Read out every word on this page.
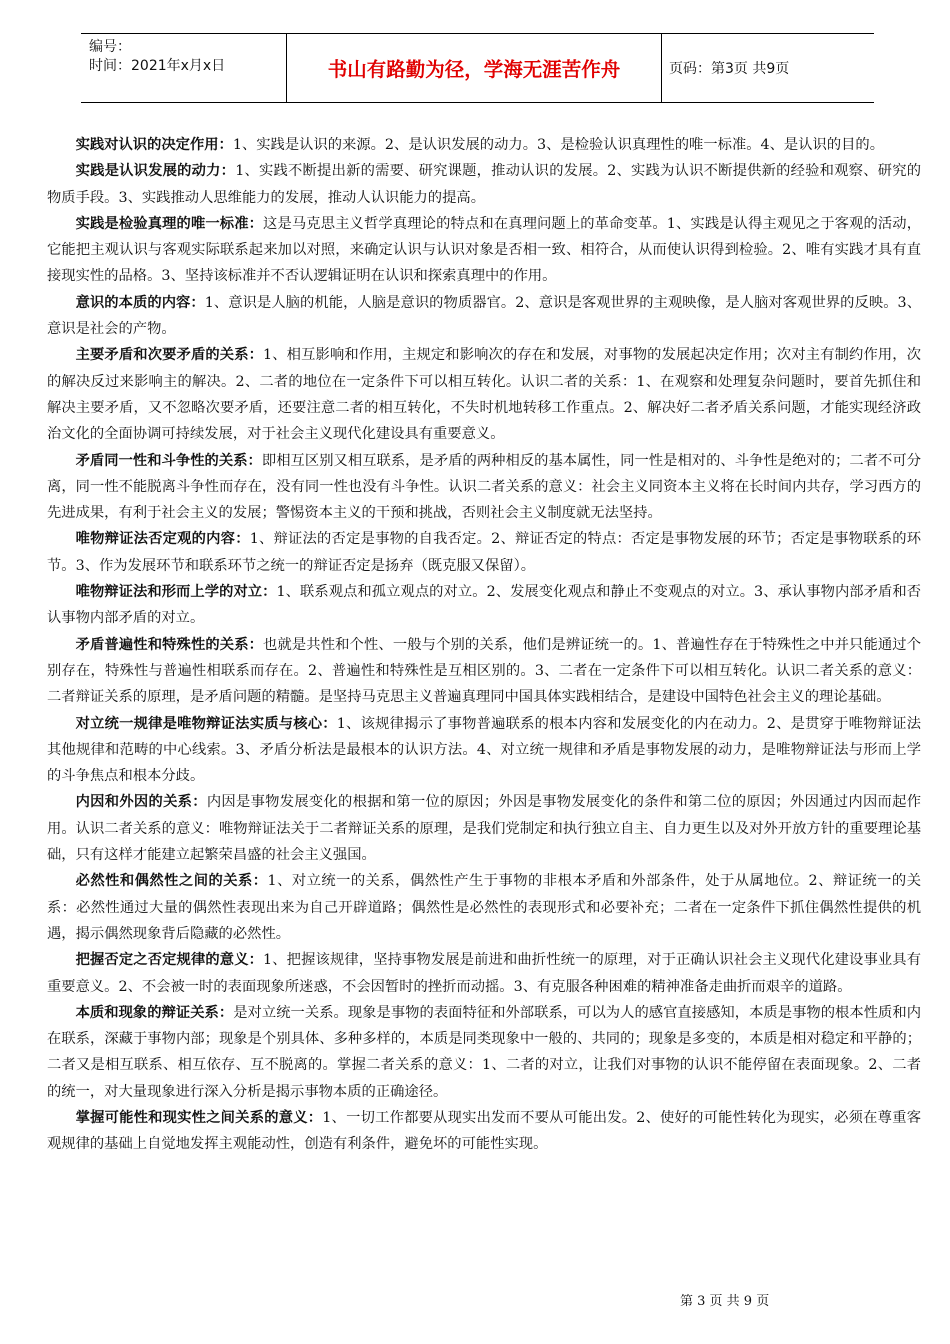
编号：
时间：2021年x月x日	书山有路勤为径，学海无涯苦作舟	页码：第3页 共9页

实践对认识的决定作用：1、实践是认识的来源。2、是认识发展的动力。3、是检验认识真理性的唯一标准。4、是认识的目的。

实践是认识发展的动力：1、实践不断提出新的需要、研究课题，推动认识的发展。2、实践为认识不断提供新的经验和观察、研究的物质手段。3、实践推动人思维能力的发展，推动人认识能力的提高。

实践是检验真理的唯一标准：这是马克思主义哲学真理论的特点和在真理问题上的革命变革。1、实践是认得主观见之于客观的活动，它能把主观认识与客观实际联系起来加以对照，来确定认识与认识对象是否相一致、相符合，从而使认识得到检验。2、唯有实践才具有直接现实性的品格。3、坚持该标准并不否认逻辑证明在认识和探索真理中的作用。

意识的本质的内容：1、意识是人脑的机能，人脑是意识的物质器官。2、意识是客观世界的主观映像，是人脑对客观世界的反映。3、意识是社会的产物。

主要矛盾和次要矛盾的关系：1、相互影响和作用，主规定和影响次的存在和发展，对事物的发展起决定作用；次对主有制约作用，次的解决反过来影响主的解决。2、二者的地位在一定条件下可以相互转化。认识二者的关系：1、在观察和处理复杂问题时，要首先抓住和解决主要矛盾，又不忽略次要矛盾，还要注意二者的相互转化，不失时机地转移工作重点。2、解决好二者矛盾关系问题，才能实现经济政治文化的全面协调可持续发展，对于社会主义现代化建设具有重要意义。

矛盾同一性和斗争性的关系：即相互区别又相互联系，是矛盾的两种相反的基本属性，同一性是相对的、斗争性是绝对的；二者不可分离，同一性不能脱离斗争性而存在，没有同一性也没有斗争性。认识二者关系的意义：社会主义同资本主义将在长时间内共存，学习西方的先进成果，有利于社会主义的发展；警惕资本主义的干预和挑战，否则社会主义制度就无法坚持。

唯物辩证法否定观的内容：1、辩证法的否定是事物的自我否定。2、辩证否定的特点：否定是事物发展的环节；否定是事物联系的环节。3、作为发展环节和联系环节之统一的辩证否定是扬弃（既克服又保留）。

唯物辩证法和形而上学的对立：1、联系观点和孤立观点的对立。2、发展变化观点和静止不变观点的对立。3、承认事物内部矛盾和否认事物内部矛盾的对立。

矛盾普遍性和特殊性的关系：也就是共性和个性、一般与个别的关系，他们是辨证统一的。1、普遍性存在于特殊性之中并只能通过个别存在，特殊性与普遍性相联系而存在。2、普遍性和特殊性是互相区别的。3、二者在一定条件下可以相互转化。认识二者关系的意义：二者辩证关系的原理，是矛盾问题的精髓。是坚持马克思主义普遍真理同中国具体实践相结合，是建设中国特色社会主义的理论基础。

对立统一规律是唯物辩证法实质与核心：1、该规律揭示了事物普遍联系的根本内容和发展变化的内在动力。2、是贯穿于唯物辩证法其他规律和范畴的中心线索。3、矛盾分析法是最根本的认识方法。4、对立统一规律和矛盾是事物发展的动力，是唯物辩证法与形而上学的斗争焦点和根本分歧。

内因和外因的关系：内因是事物发展变化的根据和第一位的原因；外因是事物发展变化的条件和第二位的原因；外因通过内因而起作用。认识二者关系的意义：唯物辩证法关于二者辩证关系的原理，是我们党制定和执行独立自主、自力更生以及对外开放方针的重要理论基础，只有这样才能建立起繁荣昌盛的社会主义强国。

必然性和偶然性之间的关系：1、对立统一的关系，偶然性产生于事物的非根本矛盾和外部条件，处于从属地位。2、辩证统一的关系：必然性通过大量的偶然性表现出来为自己开辟道路；偶然性是必然性的表现形式和必要补充；二者在一定条件下抓住偶然性提供的机遇，揭示偶然现象背后隐藏的必然性。

把握否定之否定规律的意义：1、把握该规律，坚持事物发展是前进和曲折性统一的原理，对于正确认识社会主义现代化建设事业具有重要意义。2、不会被一时的表面现象所迷惑，不会因暂时的挫折而动摇。3、有克服各种困难的精神准备走曲折而艰辛的道路。

本质和现象的辩证关系：是对立统一关系。现象是事物的表面特征和外部联系，可以为人的感官直接感知，本质是事物的根本性质和内在联系，深藏于事物内部；现象是个别具体、多种多样的，本质是同类现象中一般的、共同的；现象是多变的，本质是相对稳定和平静的；二者又是相互联系、相互依存、互不脱离的。掌握二者关系的意义：1、二者的对立，让我们对事物的认识不能停留在表面现象。2、二者的统一，对大量现象进行深入分析是揭示事物本质的正确途径。

掌握可能性和现实性之间关系的意义：1、一切工作都要从现实出发而不要从可能出发。2、使好的可能性转化为现实，必须在尊重客观规律的基础上自觉地发挥主观能动性，创造有利条件，避免坏的可能性实现。

第 3 页 共 9 页
